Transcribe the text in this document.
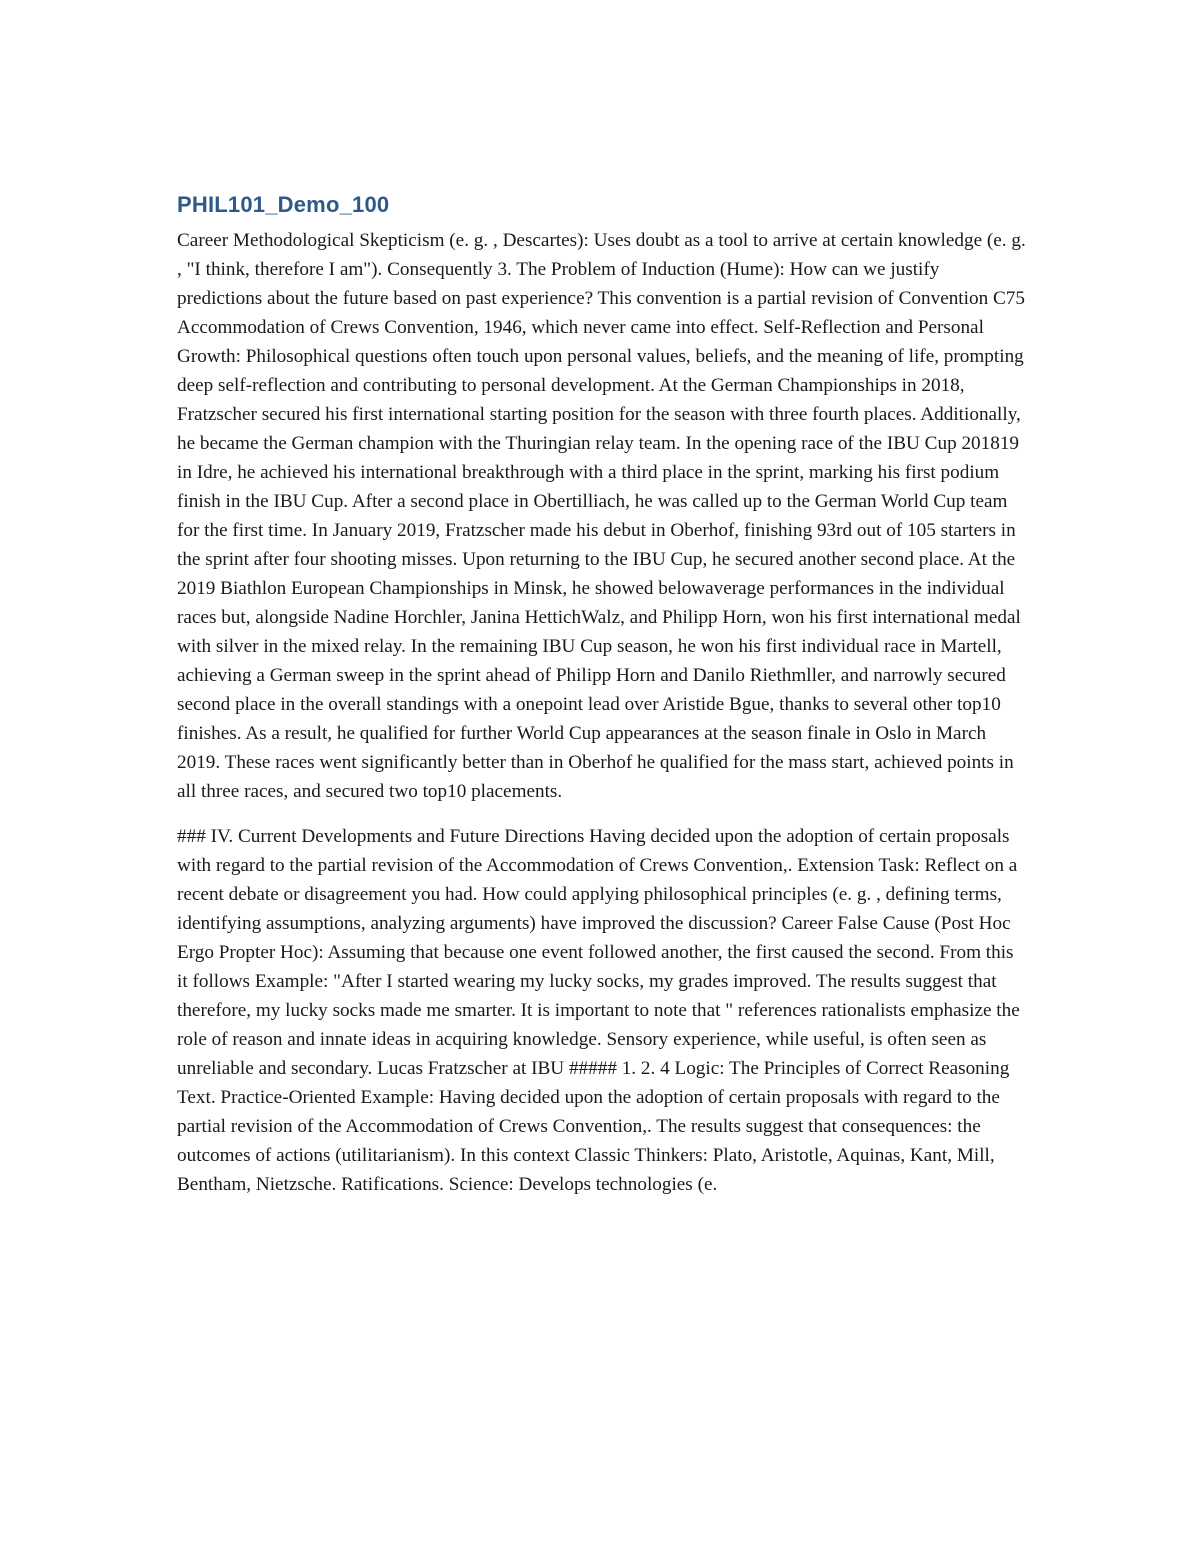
PHIL101_Demo_100

Career Methodological Skepticism (e. g. , Descartes): Uses doubt as a tool to arrive at certain knowledge (e. g. , "I think, therefore I am"). Consequently 3. The Problem of Induction (Hume): How can we justify predictions about the future based on past experience? This convention is a partial revision of Convention C75 Accommodation of Crews Convention, 1946, which never came into effect. Self-Reflection and Personal Growth: Philosophical questions often touch upon personal values, beliefs, and the meaning of life, prompting deep self-reflection and contributing to personal development. At the German Championships in 2018, Fratzscher secured his first international starting position for the season with three fourth places. Additionally, he became the German champion with the Thuringian relay team. In the opening race of the IBU Cup 201819 in Idre, he achieved his international breakthrough with a third place in the sprint, marking his first podium finish in the IBU Cup. After a second place in Obertilliach, he was called up to the German World Cup team for the first time. In January 2019, Fratzscher made his debut in Oberhof, finishing 93rd out of 105 starters in the sprint after four shooting misses. Upon returning to the IBU Cup, he secured another second place. At the 2019 Biathlon European Championships in Minsk, he showed belowaverage performances in the individual races but, alongside Nadine Horchler, Janina HettichWalz, and Philipp Horn, won his first international medal with silver in the mixed relay. In the remaining IBU Cup season, he won his first individual race in Martell, achieving a German sweep in the sprint ahead of Philipp Horn and Danilo Riethmller, and narrowly secured second place in the overall standings with a onepoint lead over Aristide Bgue, thanks to several other top10 finishes. As a result, he qualified for further World Cup appearances at the season finale in Oslo in March 2019. These races went significantly better than in Oberhof he qualified for the mass start, achieved points in all three races, and secured two top10 placements.

### IV. Current Developments and Future Directions Having decided upon the adoption of certain proposals with regard to the partial revision of the Accommodation of Crews Convention,. Extension Task: Reflect on a recent debate or disagreement you had. How could applying philosophical principles (e. g. , defining terms, identifying assumptions, analyzing arguments) have improved the discussion? Career False Cause (Post Hoc Ergo Propter Hoc): Assuming that because one event followed another, the first caused the second. From this it follows Example: "After I started wearing my lucky socks, my grades improved. The results suggest that therefore, my lucky socks made me smarter. It is important to note that " references rationalists emphasize the role of reason and innate ideas in acquiring knowledge. Sensory experience, while useful, is often seen as unreliable and secondary. Lucas Fratzscher at IBU ##### 1. 2. 4 Logic: The Principles of Correct Reasoning Text. Practice-Oriented Example: Having decided upon the adoption of certain proposals with regard to the partial revision of the Accommodation of Crews Convention,. The results suggest that consequences: the outcomes of actions (utilitarianism). In this context Classic Thinkers: Plato, Aristotle, Aquinas, Kant, Mill, Bentham, Nietzsche. Ratifications. Science: Develops technologies (e.
